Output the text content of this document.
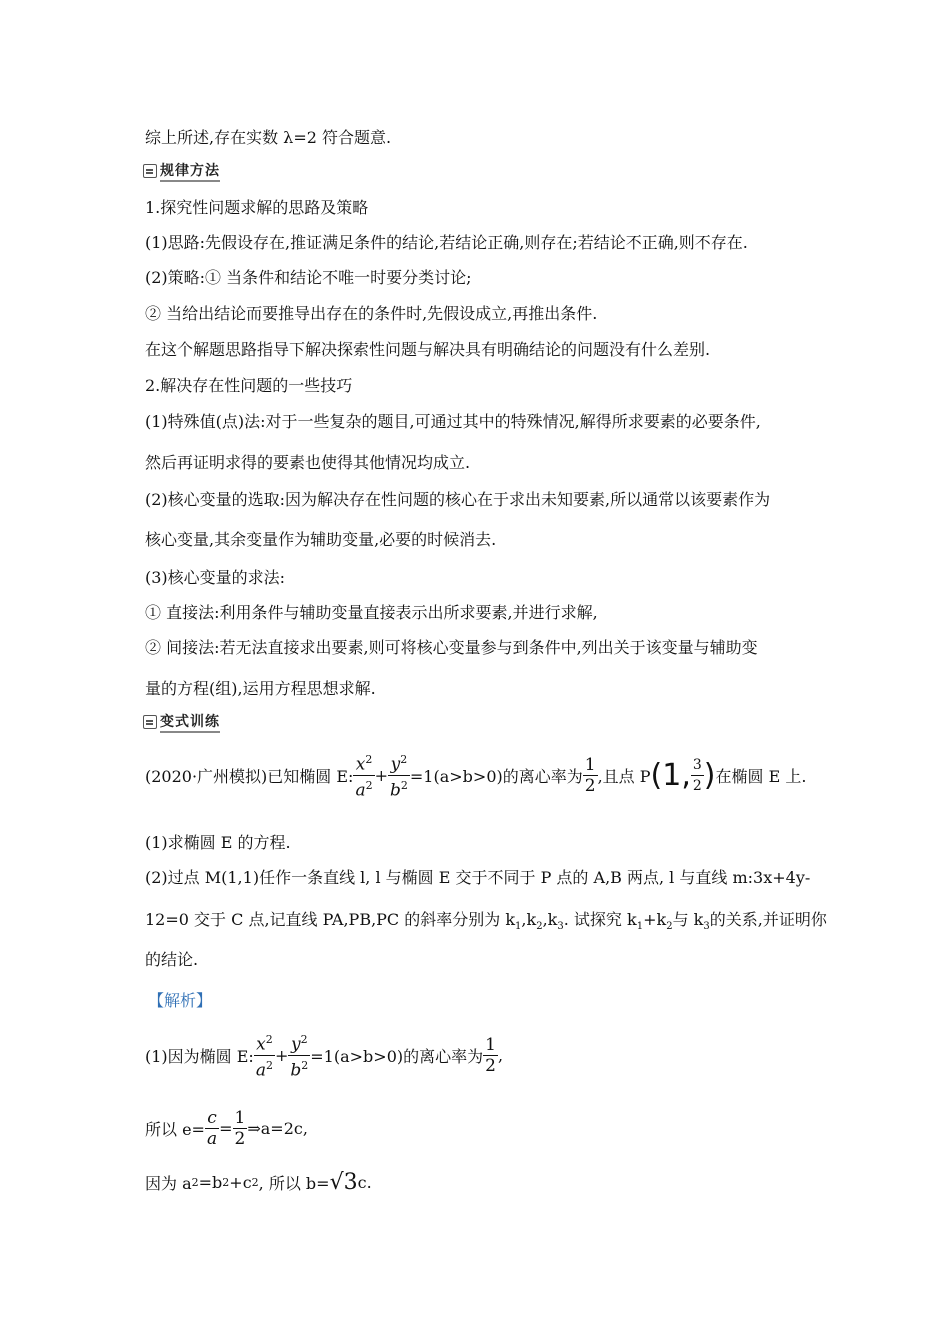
综上所述,存在实数 λ=2 符合题意.
规律方法
1.探究性问题求解的思路及策略
(1)思路:先假设存在,推证满足条件的结论,若结论正确,则存在;若结论不正确,则不存在.
(2)策略:① 当条件和结论不唯一时要分类讨论;
② 当给出结论而要推导出存在的条件时,先假设成立,再推出条件.
在这个解题思路指导下解决探索性问题与解决具有明确结论的问题没有什么差别.
2.解决存在性问题的一些技巧
(1)特殊值(点)法:对于一些复杂的题目,可通过其中的特殊情况,解得所求要素的必要条件,
然后再证明求得的要素也使得其他情况均成立.
(2)核心变量的选取:因为解决存在性问题的核心在于求出未知要素,所以通常以该要素作为
核心变量,其余变量作为辅助变量,必要的时候消去.
(3)核心变量的求法:
① 直接法:利用条件与辅助变量直接表示出所求要素,并进行求解,
② 间接法:若无法直接求出要素,则可将核心变量参与到条件中,列出关于该变量与辅助变
量的方程(组),运用方程思想求解.
变式训练
(2020·广州模拟)已知椭圆 E: $\frac{x^2}{a^2} + \frac{y^2}{b^2} =1(a>b>0)$的离心率为 $\frac{1}{2}$ ,且点 P (1, $\frac{3}{2}$ ) 在椭圆 E 上.
(1)求椭圆 E 的方程.
(2)过点 M(1,1)任作一条直线 l, l 与椭圆 E 交于不同于 P 点的 A,B 两点, l 与直线 m:3x+4y-
12=0 交于 C 点,记直线 PA,PB,PC 的斜率分别为 $k_1,k_2,k_3$. 试探究 $k_1+k_2$与 $k_3$的关系,并证明你
的结论.
【解析】
(1)因为椭圆 E: $\frac{x^2}{a^2} + \frac{y^2}{b^2} =1(a>b>0)$的离心率为 $\frac{1}{2}$ ,
所以 $e= \frac{c}{a} = \frac{1}{2}$ ⇒a=2c,
因为 a 2 =b 2 +c 2 , 所以 b= √3 c.
